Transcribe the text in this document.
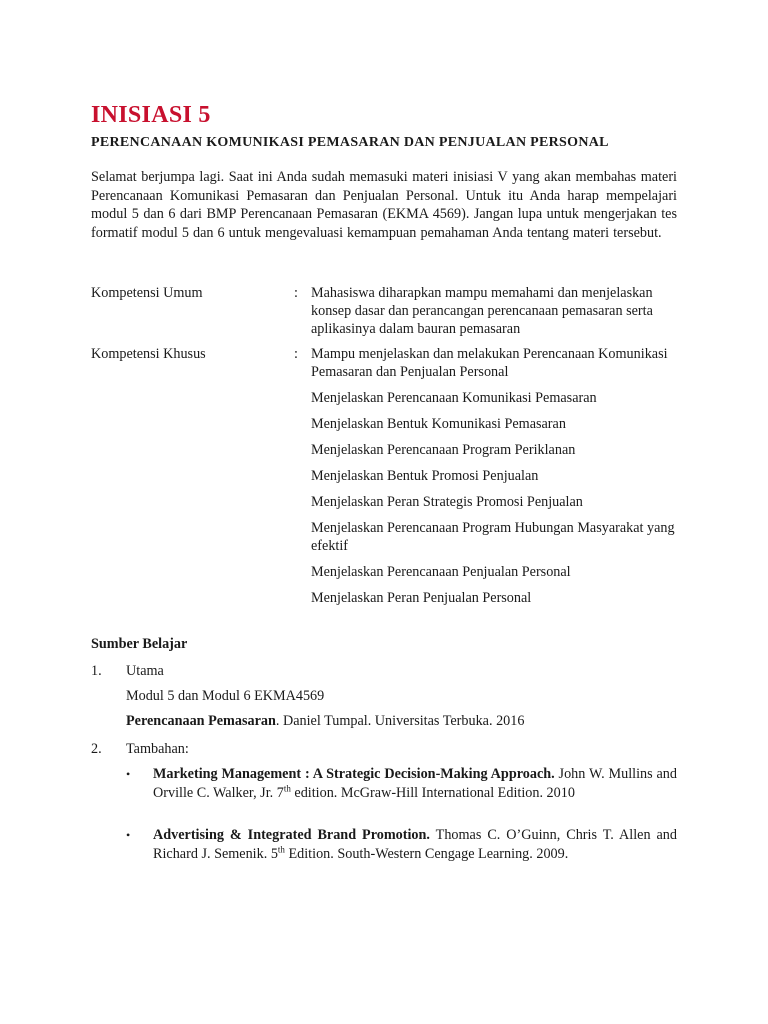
INISIASI 5
PERENCANAAN KOMUNIKASI PEMASARAN DAN PENJUALAN PERSONAL

Selamat berjumpa lagi. Saat ini Anda sudah memasuki materi inisiasi V yang akan membahas materi Perencanaan Komunikasi Pemasaran dan Penjualan Personal. Untuk itu Anda harap mempelajari modul 5 dan 6 dari BMP Perencanaan Pemasaran (EKMA 4569). Jangan lupa untuk mengerjakan tes formatif modul 5 dan 6 untuk mengevaluasi kemampuan pemahaman Anda tentang materi tersebut.

Kompetensi Umum	: Mahasiswa diharapkan mampu memahami dan menjelaskan konsep dasar dan perancangan perencanaan pemasaran serta aplikasinya dalam bauran pemasaran
Kompetensi Khusus	: Mampu menjelaskan dan melakukan Perencanaan Komunikasi Pemasaran dan Penjualan Personal
Menjelaskan Perencanaan Komunikasi Pemasaran
Menjelaskan Bentuk Komunikasi Pemasaran
Menjelaskan Perencanaan Program Periklanan
Menjelaskan Bentuk Promosi Penjualan
Menjelaskan Peran Strategis Promosi Penjualan
Menjelaskan Perencanaan Program Hubungan Masyarakat yang efektif
Menjelaskan Perencanaan Penjualan Personal
Menjelaskan Peran Penjualan Personal

Sumber Belajar

1. Utama
Modul 5 dan Modul 6 EKMA4569
Perencanaan Pemasaran. Daniel Tumpal. Universitas Terbuka. 2016
2. Tambahan:
• Marketing Management : A Strategic Decision-Making Approach. John W. Mullins and Orville C. Walker, Jr. 7th edition. McGraw-Hill International Edition. 2010
• Advertising & Integrated Brand Promotion. Thomas C. O’Guinn, Chris T. Allen and Richard J. Semenik. 5th Edition. South-Western Cengage Learning. 2009.
